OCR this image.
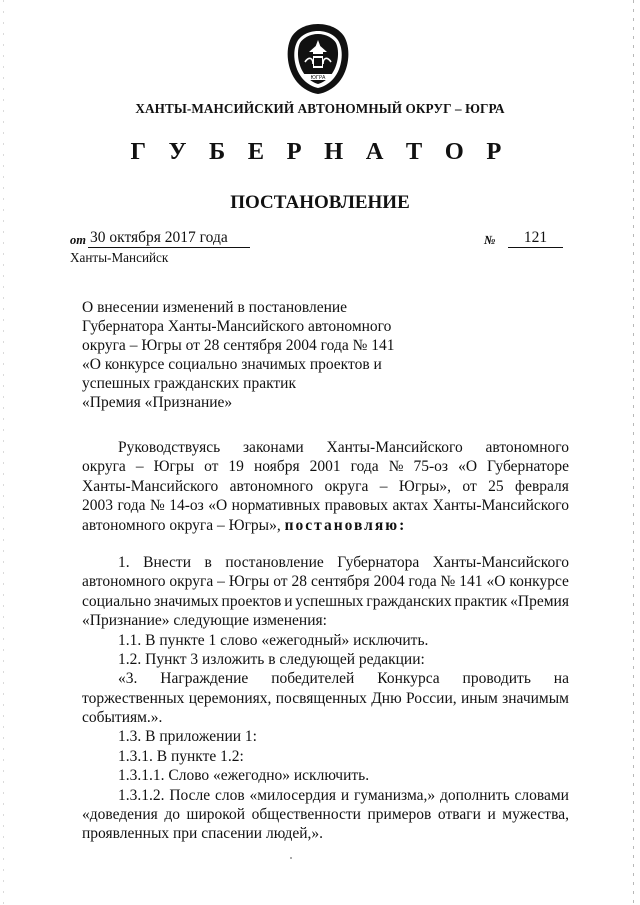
ЮГРА

ХАНТЫ-МАНСИЙСКИЙ АВТОНОМНЫЙ ОКРУГ – ЮГРА

Г У Б Е Р Н А Т О Р

ПОСТАНОВЛЕНИЕ

от 30 октября 2017 года	№	121
Ханты-Мансийск
О внесении изменений в постановление
Губернатора Ханты-Мансийского автономного
округа – Югры от 28 сентября 2004 года № 141
«О конкурсе социально значимых проектов и
успешных гражданских практик
«Премия «Признание»
Руководствуясь законами Ханты-Мансийского автономного
округа – Югры от 19 ноября 2001 года № 75-оз «О Губернаторе
Ханты-Мансийского автономного округа – Югры», от 25 февраля
2003 года № 14-оз «О нормативных правовых актах Ханты-Мансийского
автономного округа – Югры», постановляю:
1. Внести в постановление Губернатора Ханты-Мансийского
автономного округа – Югры от 28 сентября 2004 года № 141 «О конкурсе
социально значимых проектов и успешных гражданских практик «Премия
«Признание» следующие изменения:
1.1. В пункте 1 слово «ежегодный» исключить.
1.2. Пункт 3 изложить в следующей редакции:
«3. Награждение победителей Конкурса проводить на
торжественных церемониях, посвященных Дню России, иным значимым
событиям.».
1.3. В приложении 1:
1.3.1. В пункте 1.2:
1.3.1.1. Слово «ежегодно» исключить.
1.3.1.2. После слов «милосердия и гуманизма,» дополнить словами
«доведения до широкой общественности примеров отваги и мужества,
проявленных при спасении людей,».
